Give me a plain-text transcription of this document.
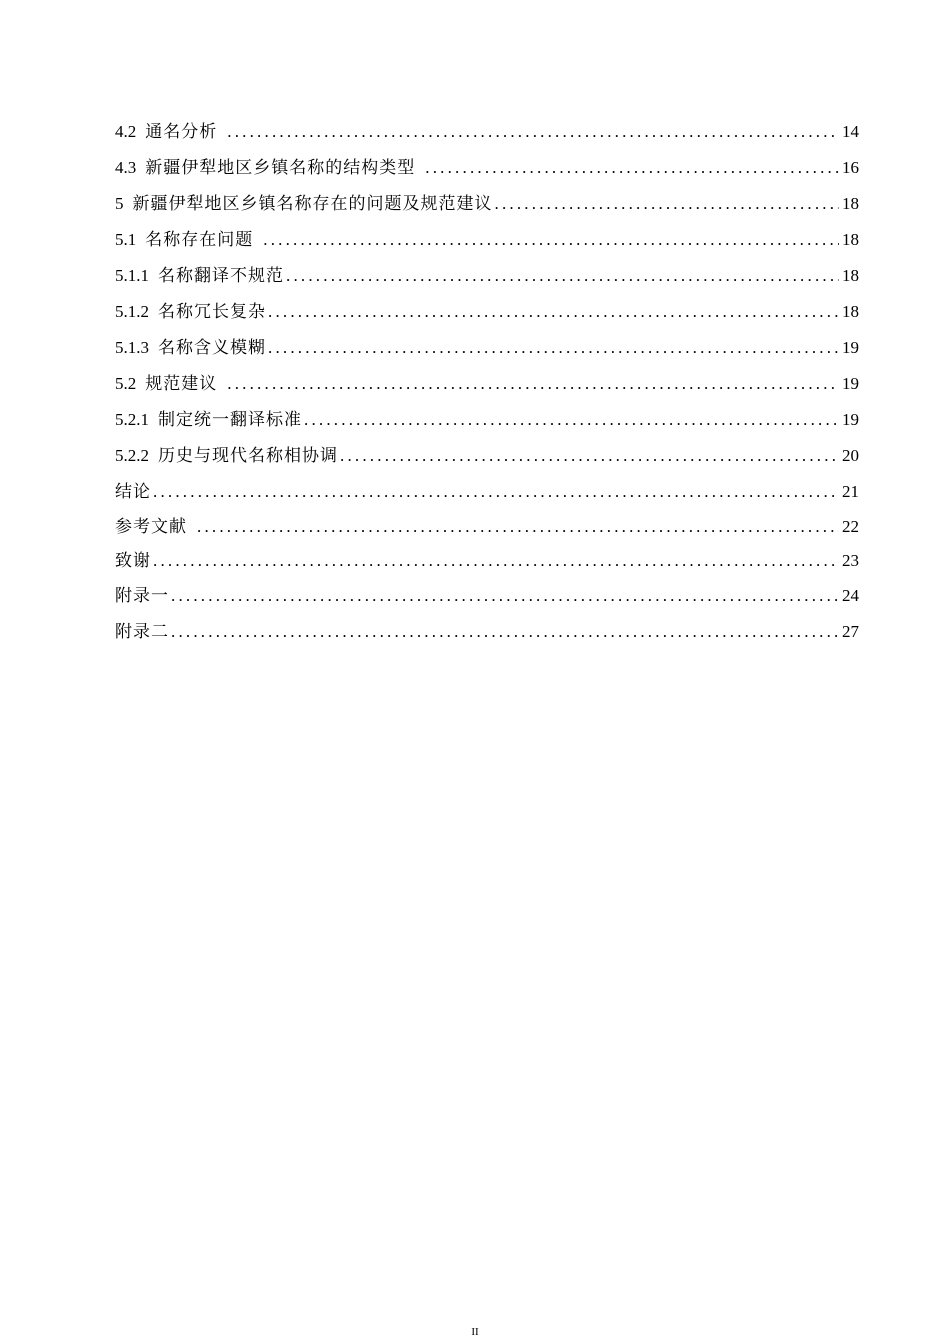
4.2 通名分析 .....	14
4.3 新疆伊犁地区乡镇名称的结构类型 .....	16
5 新疆伊犁地区乡镇名称存在的问题及规范建议 .....	18
5.1 名称存在问题 .....	18
5.1.1 名称翻译不规范 .....	18
5.1.2 名称冗长复杂 .....	18
5.1.3 名称含义模糊 .....	19
5.2 规范建议 .....	19
5.2.1 制定统一翻译标准 .....	19
5.2.2 历史与现代名称相协调 .....	20
结论 .....	21
参考文献 .....	22
致谢 .....	23
附录一 .....	24
附录二 .....	27
II
